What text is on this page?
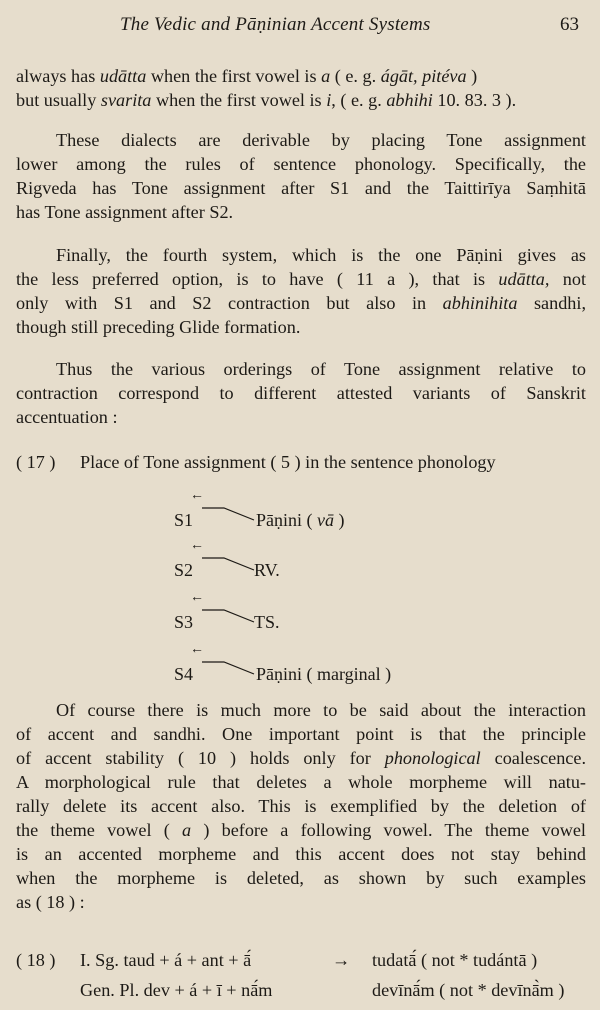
The Vedic and Pāṇinian Accent Systems	63
always has udātta when the first vowel is a ( e. g. ágāt, pitéva )
but usually svarita when the first vowel is i, ( e. g. abhihi 10. 83. 3 ).
These dialects are derivable by placing Tone assignment
lower among the rules of sentence phonology. Specifically, the
Rigveda has Tone assignment after S1 and the Taittirīya Saṃhitā
has Tone assignment after S2.
Finally, the fourth system, which is the one Pāṇini gives as
the less preferred option, is to have ( 11 a ), that is udātta, not
only with S1 and S2 contraction but also in abhinihita sandhi,
though still preceding Glide formation.
Thus the various orderings of Tone assignment relative to
contraction correspond to different attested variants of Sanskrit
accentuation :
( 17 ) Place of Tone assignment ( 5 ) in the sentence phonology
←
S1	Pāṇini ( vā )
←
S2	RV.
←
S3	TS.
←
S4	Pāṇini ( marginal )
Of course there is much more to be said about the interaction
of accent and sandhi. One important point is that the principle
of accent stability ( 10 ) holds only for phonological coalescence.
A morphological rule that deletes a whole morpheme will natu-
rally delete its accent also. This is exemplified by the deletion of
the theme vowel ( a ) before a following vowel. The theme vowel
is an accented morpheme and this accent does not stay behind
when the morpheme is deleted, as shown by such examples
as ( 18 ) :
( 18 ) I. Sg. taud + á + ant + ā́	→ tudatā́ ( not * tudántā )
Gen. Pl. dev + á + ī + nā́m	devīnā́m ( not * devīnā̀m )
